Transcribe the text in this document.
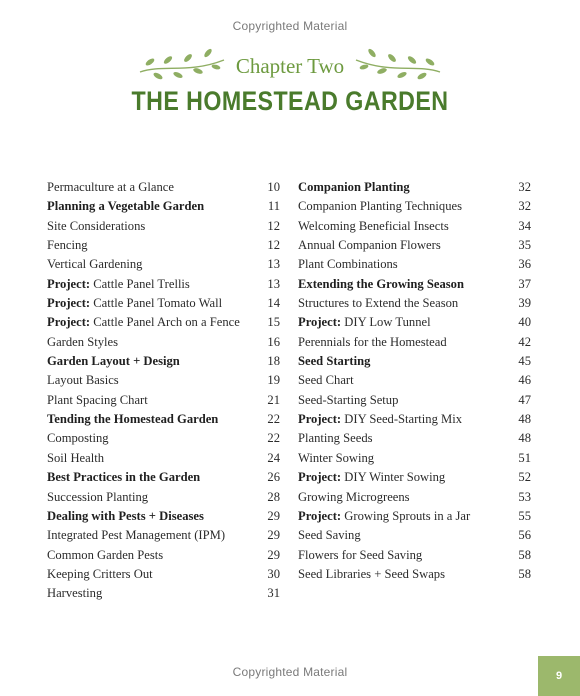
Copyrighted Material
Chapter Two
THE HOMESTEAD GARDEN
Permaculture at a Glance	10
Planning a Vegetable Garden	11
Site Considerations	12
Fencing	12
Vertical Gardening	13
Project: Cattle Panel Trellis	13
Project: Cattle Panel Tomato Wall	14
Project: Cattle Panel Arch on a Fence	15
Garden Styles	16
Garden Layout + Design	18
Layout Basics	19
Plant Spacing Chart	21
Tending the Homestead Garden	22
Composting	22
Soil Health	24
Best Practices in the Garden	26
Succession Planting	28
Dealing with Pests + Diseases	29
Integrated Pest Management (IPM)	29
Common Garden Pests	29
Keeping Critters Out	30
Harvesting	31
Companion Planting	32
Companion Planting Techniques	32
Welcoming Beneficial Insects	34
Annual Companion Flowers	35
Plant Combinations	36
Extending the Growing Season	37
Structures to Extend the Season	39
Project: DIY Low Tunnel	40
Perennials for the Homestead	42
Seed Starting	45
Seed Chart	46
Seed-Starting Setup	47
Project: DIY Seed-Starting Mix	48
Planting Seeds	48
Winter Sowing	51
Project: DIY Winter Sowing	52
Growing Microgreens	53
Project: Growing Sprouts in a Jar	55
Seed Saving	56
Flowers for Seed Saving	58
Seed Libraries + Seed Swaps	58
Copyrighted Material	9
